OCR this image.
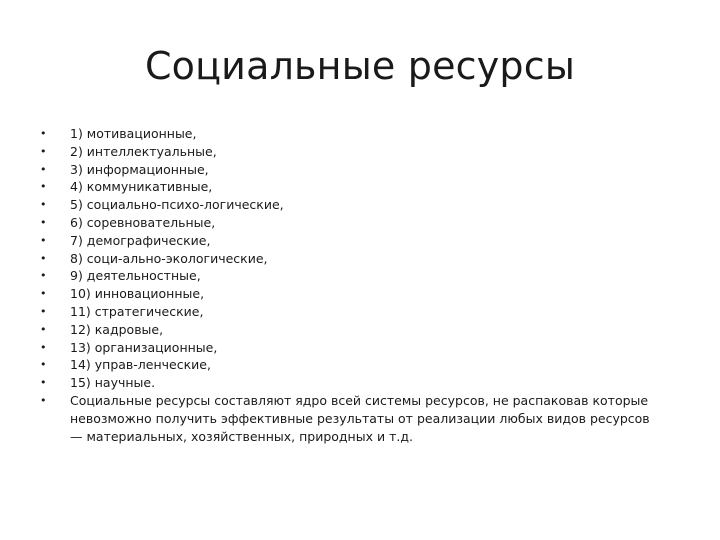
Социальные ресурсы
•	1) мотивационные,
•	2) интеллектуальные,
•	3) информационные,
•	4) коммуникативные,
•	5) социально-психо-логические,
•	6) соревновательные,
•	7) демографические,
•	8) соци-ально-экологические,
•	9) деятельностные,
•	10) инновационные,
•	11) стратегические,
•	12) кадровые,
•	13) организационные,
•	14) управ-ленческие,
•	15) научные.
•	Социальные ресурсы составляют ядро всей системы ресурсов, не распаковав которые невозможно получить эффективные результаты от реализации любых видов ресурсов — материальных, хозяйственных, природных и т.д.
